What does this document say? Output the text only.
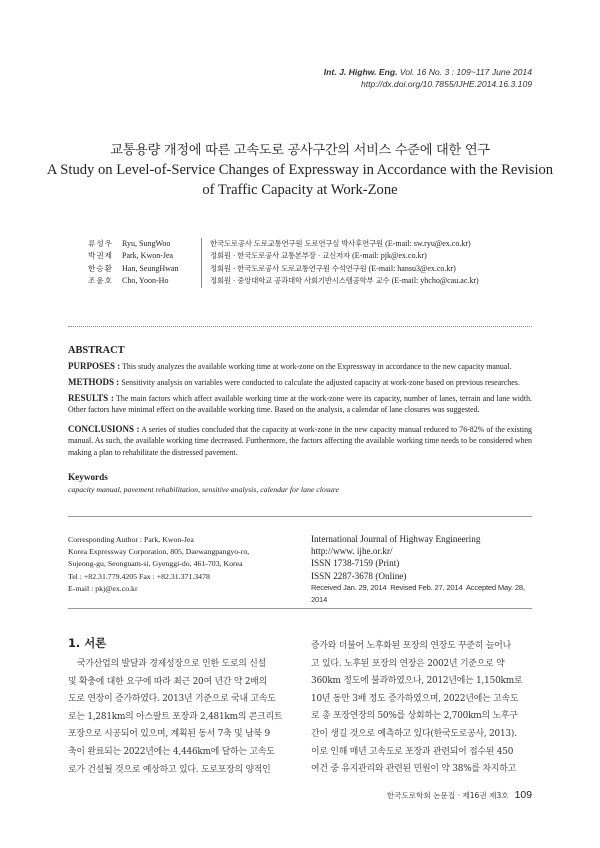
Int. J. Highw. Eng. Vol. 16 No. 3 : 109~117 June 2014
http://dx.doi.org/10.7855/IJHE.2014.16.3.109
교통용량 개정에 따른 고속도로 공사구간의 서비스 수준에 대한 연구
A Study on Level-of-Service Changes of Expressway in Accordance with the Revision
of Traffic Capacity at Work-Zone
류성우	Ryu, SungWoo	한국도로공사 도로교통연구원 도로연구실 박사후연구원 (E-mail: sw.ryu@ex.co.kr)
박권제	Park, Kwon-Jea	정회원 · 한국도로공사 교통본부장 · 교신저자 (E-mail: pjk@ex.co.kr)
한승환	Han, SeungHwan	정회원 · 한국도로공사 도로교통연구원 수석연구원 (E-mail: hansu3@ex.co.kr)
조윤호	Cho, Yoon-Ho	정회원 · 중앙대학교 공과대학 사회기반시스템공학부 교수 (E-mail: yhcho@cau.ac.kr)
ABSTRACT
PURPOSES : This study analyzes the available working time at work-zone on the Expressway in accordance to the new capacity manual.
METHODS : Sensitivity analysis on variables were conducted to calculate the adjusted capacity at work-zone based on previous researches.
RESULTS : The main factors which affect available working time at the work-zone were its capacity, number of lanes, terrain and lane width. Other factors have minimal effect on the available working time. Based on the analysis, a calendar of lane closures was suggested.
CONCLUSIONS : A series of studies concluded that the capacity at work-zone in the new capacity manual reduced to 76-82% of the existing manual. As such, the available working time decreased. Furthermore, the factors affecting the available working time needs to be considered when making a plan to rehabilitate the distressed pavement.
Keywords
capacity manual, pavement rehabilitation, sensitive analysis, calendar for lane closure
Corresponding Author : Park, Kwon-Jea
Korea Expressway Corporation, 805, Daewangpangyo-ro,
Sujeong-gu, Seongnam-si, Gyenggi-do, 461-703, Korea
Tel : +82.31.779.4205 Fax : +82.31.371.3478
E-mail : pkj@ex.co.kr
International Journal of Highway Engineering
http://www. ijhe.or.kr/
ISSN 1738-7159 (Print)
ISSN 2287-3678 (Online)
Received Jan. 29, 2014 Revised Feb. 27, 2014 Accepted May. 28, 2014
1. 서론
국가산업의 발달과 경제성장으로 인한 도로의 신설
및 확충에 대한 요구에 따라 최근 20여 년간 약 2배의
도로 연장이 증가하였다. 2013년 기준으로 국내 고속도
로는 1,281km의 아스팔트 포장과 2,481km의 콘크리트
포장으로 시공되어 있으며, 계획된 동서 7축 및 남북 9
축이 완료되는 2022년에는 4,446km에 달하는 고속도
로가 건설될 것으로 예상하고 있다. 도로포장의 양적인
증가와 더불어 노후화된 포장의 연장도 꾸준히 늘어나
고 있다. 노후된 포장의 연장은 2002년 기준으로 약
360km 정도에 불과하였으나, 2012년에는 1,150km로
10년 동안 3배 정도 증가하였으며, 2022년에는 고속도
로 총 포장연장의 50%를 상회하는 2,700km의 노후구
간이 생길 것으로 예측하고 있다(한국도로공사, 2013).
이로 인해 매년 고속도로 포장과 관련되어 접수된 450
여건 중 유지관리와 관련된 민원이 약 38%를 차지하고
한국도로학회 논문집 · 제16권 제3호 109
